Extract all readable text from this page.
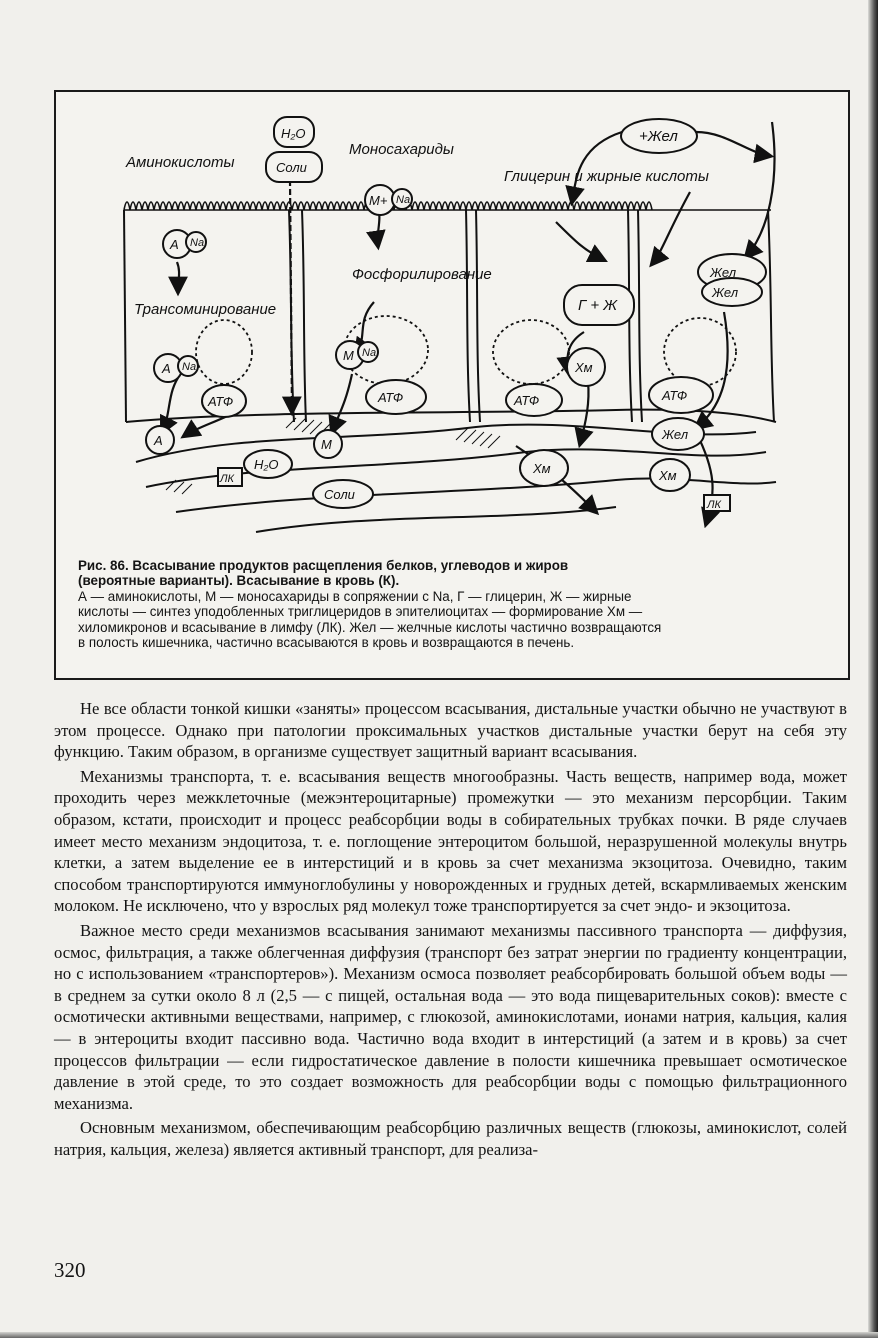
Аминокислоты
H₂O
Соли
Моносахариды
+Жел
Глицерин и жирные кислоты
А Na
М+ Na
Фосфорилирование
Г + Ж
Жел
Жел
Трансоминирование
А Na
М Na
Хм
АТФ	АТФ	АТФ	АТФ
А	М
H₂O
Соли
Хм
Жел
Хм
ЛК
ЛК
Рис. 86. Всасывание продуктов расщепления белков, углеводов и жиров
(вероятные варианты). Всасывание в кровь (К).
А — аминокислоты, М — моносахариды в сопряжении с Na, Г — глицерин, Ж — жирные
кислоты — синтез уподобленных триглицеридов в эпителиоцитах — формирование Хм —
хиломикронов и всасывание в лимфу (ЛК). Жел — желчные кислоты частично возвращаются
в полость кишечника, частично всасываются в кровь и возвращаются в печень.

Не все области тонкой кишки «заняты» процессом всасывания, дистальные участки обычно не участвуют в этом процессе. Однако при патологии проксимальных участков дистальные участки берут на себя эту функцию. Таким образом, в организме существует защитный вариант всасывания.

Механизмы транспорта, т. е. всасывания веществ многообразны. Часть веществ, например вода, может проходить через межклеточные (межэнтероцитарные) промежутки — это механизм персорбции. Таким образом, кстати, происходит и процесс реабсорбции воды в собирательных трубках почки. В ряде случаев имеет место механизм эндоцитоза, т. е. поглощение энтероцитом большой, неразрушенной молекулы внутрь клетки, а затем выделение ее в интерстиций и в кровь за счет механизма экзоцитоза. Очевидно, таким способом транспортируются иммуноглобулины у новорожденных и грудных детей, вскармливаемых женским молоком. Не исключено, что у взрослых ряд молекул тоже транспортируется за счет эндо- и экзоцитоза.

Важное место среди механизмов всасывания занимают механизмы пассивного транспорта — диффузия, осмос, фильтрация, а также облегченная диффузия (транспорт без затрат энергии по градиенту концентрации, но с использованием «транспортеров»). Механизм осмоса позволяет реабсорбировать большой объем воды — в среднем за сутки около 8 л (2,5 — с пищей, остальная вода — это вода пищеварительных соков): вместе с осмотически активными веществами, например, с глюкозой, аминокислотами, ионами натрия, кальция, калия — в энтероциты входит пассивно вода. Частично вода входит в интерстиций (а затем и в кровь) за счет процессов фильтрации — если гидростатическое давление в полости кишечника превышает осмотическое давление в этой среде, то это создает возможность для реабсорбции воды с помощью фильтрационного механизма.

Основным механизмом, обеспечивающим реабсорбцию различных веществ (глюкозы, аминокислот, солей натрия, кальция, железа) является активный транспорт, для реализа-

320
